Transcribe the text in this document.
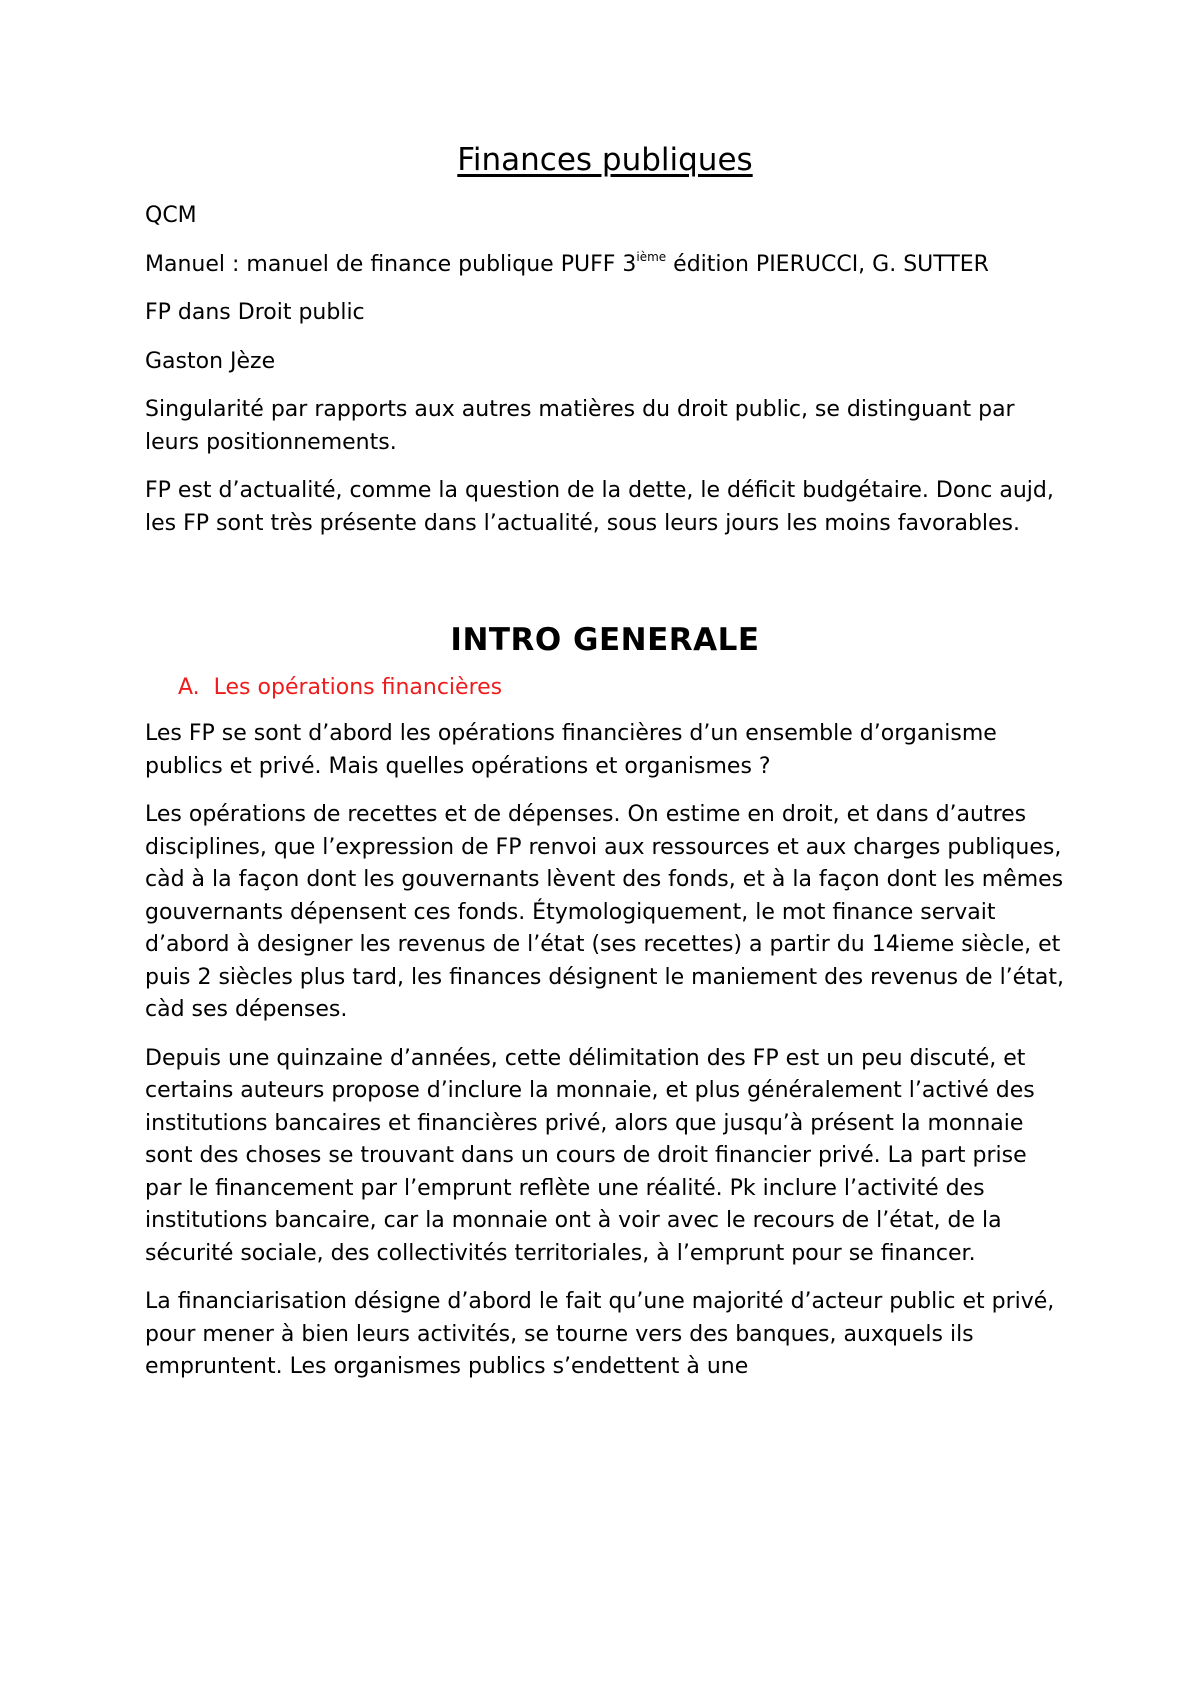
Finances publiques

QCM

Manuel : manuel de finance publique PUFF 3ième édition PIERUCCI, G. SUTTER

FP dans Droit public

Gaston Jèze

Singularité par rapports aux autres matières du droit public, se distinguant par leurs positionnements.

FP est d’actualité, comme la question de la dette, le déficit budgétaire. Donc aujd, les FP sont très présente dans l’actualité, sous leurs jours les moins favorables.

INTRO GENERALE
A. Les opérations financières

Les FP se sont d’abord les opérations financières d’un ensemble d’organisme publics et privé. Mais quelles opérations et organismes ?

Les opérations de recettes et de dépenses. On estime en droit, et dans d’autres disciplines, que l’expression de FP renvoi aux ressources et aux charges publiques, càd à la façon dont les gouvernants lèvent des fonds, et à la façon dont les mêmes gouvernants dépensent ces fonds. Étymologiquement, le mot finance servait d’abord à designer les revenus de l’état (ses recettes) a partir du 14ieme siècle, et puis 2 siècles plus tard, les finances désignent le maniement des revenus de l’état, càd ses dépenses.

Depuis une quinzaine d’années, cette délimitation des FP est un peu discuté, et certains auteurs propose d’inclure la monnaie, et plus généralement l’activé des institutions bancaires et financières privé, alors que jusqu’à présent la monnaie sont des choses se trouvant dans un cours de droit financier privé. La part prise par le financement par l’emprunt reflète une réalité. Pk inclure l’activité des institutions bancaire, car la monnaie ont à voir avec le recours de l’état, de la sécurité sociale, des collectivités territoriales, à l’emprunt pour se financer.

La financiarisation désigne d’abord le fait qu’une majorité d’acteur public et privé, pour mener à bien leurs activités, se tourne vers des banques, auxquels ils empruntent. Les organismes publics s’endettent à une
